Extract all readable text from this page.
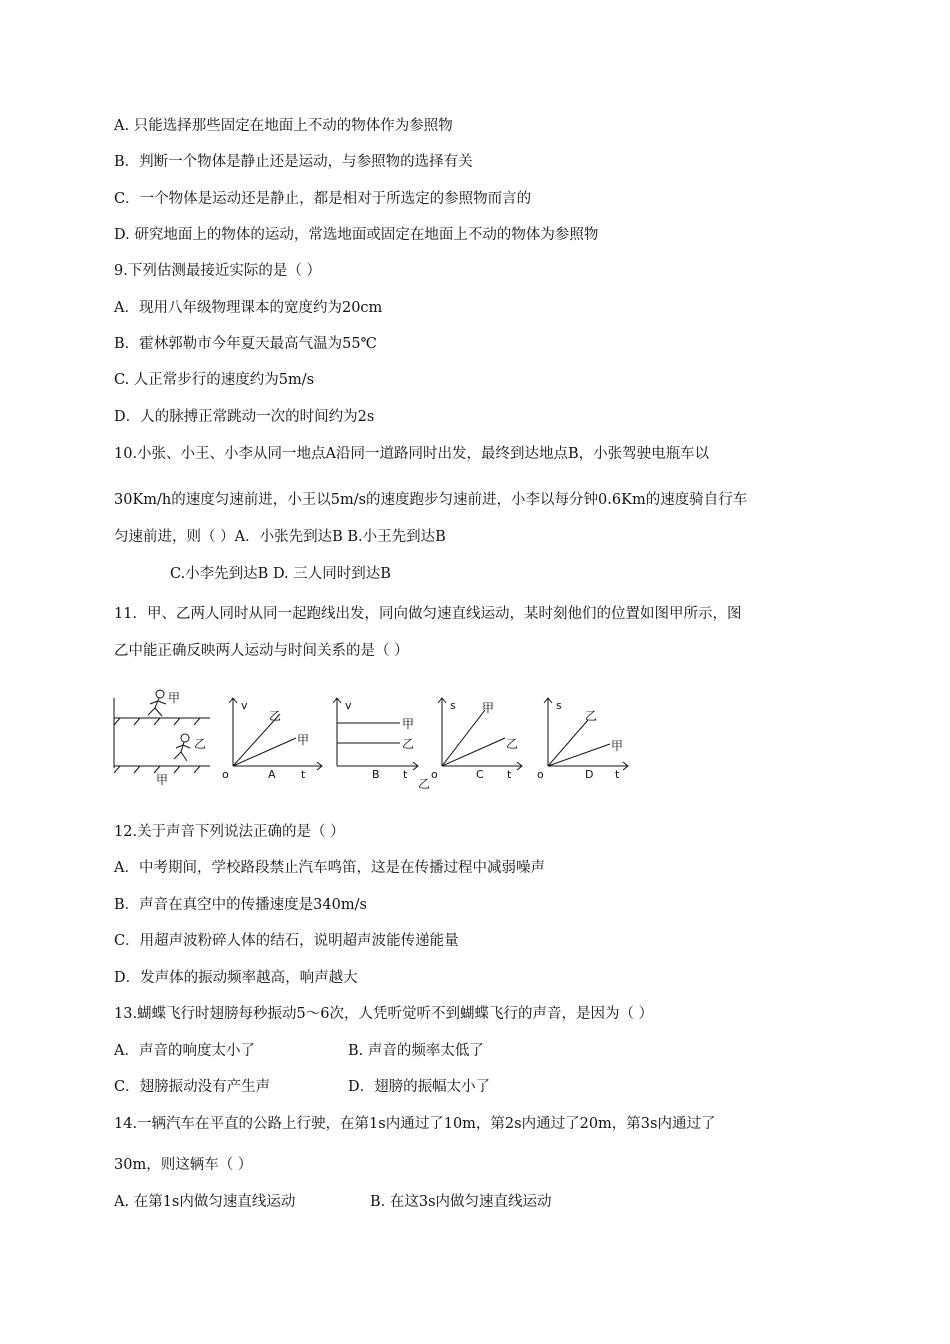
A. 只能选择那些固定在地面上不动的物体作为参照物
B．判断一个物体是静止还是运动，与参照物的选择有关
C．一个物体是运动还是静止，都是相对于所选定的参照物而言的
D. 研究地面上的物体的运动，常选地面或固定在地面上不动的物体为参照物
9.下列估测最接近实际的是（ ）
A．现用八年级物理课本的宽度约为20cm
B．霍林郭勒市今年夏天最高气温为55℃
C. 人正常步行的速度约为5m/s
D．人的脉搏正常跳动一次的时间约为2s
10.小张、小王、小李从同一地点A沿同一道路同时出发，最终到达地点B，小张驾驶电瓶车以
30Km/h的速度匀速前进，小王以5m/s的速度跑步匀速前进，小李以每分钟0.6Km的速度骑自行车
匀速前进，则（ ）A．小张先到达B B.小王先到达B
C.小李先到达B D. 三人同时到达B
11．甲、乙两人同时从同一起跑线出发，同向做匀速直线运动，某时刻他们的位置如图甲所示，图
乙中能正确反映两人运动与时间关系的是（ ）
甲
乙
甲
v
o	A t
乙
甲
v
B t
甲
乙
乙
s
o	C t
甲
乙
s
o	D t
乙
甲
12.关于声音下列说法正确的是（ ）
A．中考期间，学校路段禁止汽车鸣笛，这是在传播过程中减弱噪声
B．声音在真空中的传播速度是340m/s
C．用超声波粉碎人体的结石，说明超声波能传递能量
D．发声体的振动频率越高，响声越大
13.蝴蝶飞行时翅膀每秒振动5～6次，人凭听觉听不到蝴蝶飞行的声音，是因为（ ）
A．声音的响度太小了	B. 声音的频率太低了
C．翅膀振动没有产生声	D．翅膀的振幅太小了
14.一辆汽车在平直的公路上行驶，在第1s内通过了10m，第2s内通过了20m，第3s内通过了
30m，则这辆车（ ）
A. 在第1s内做匀速直线运动	B. 在这3s内做匀速直线运动
